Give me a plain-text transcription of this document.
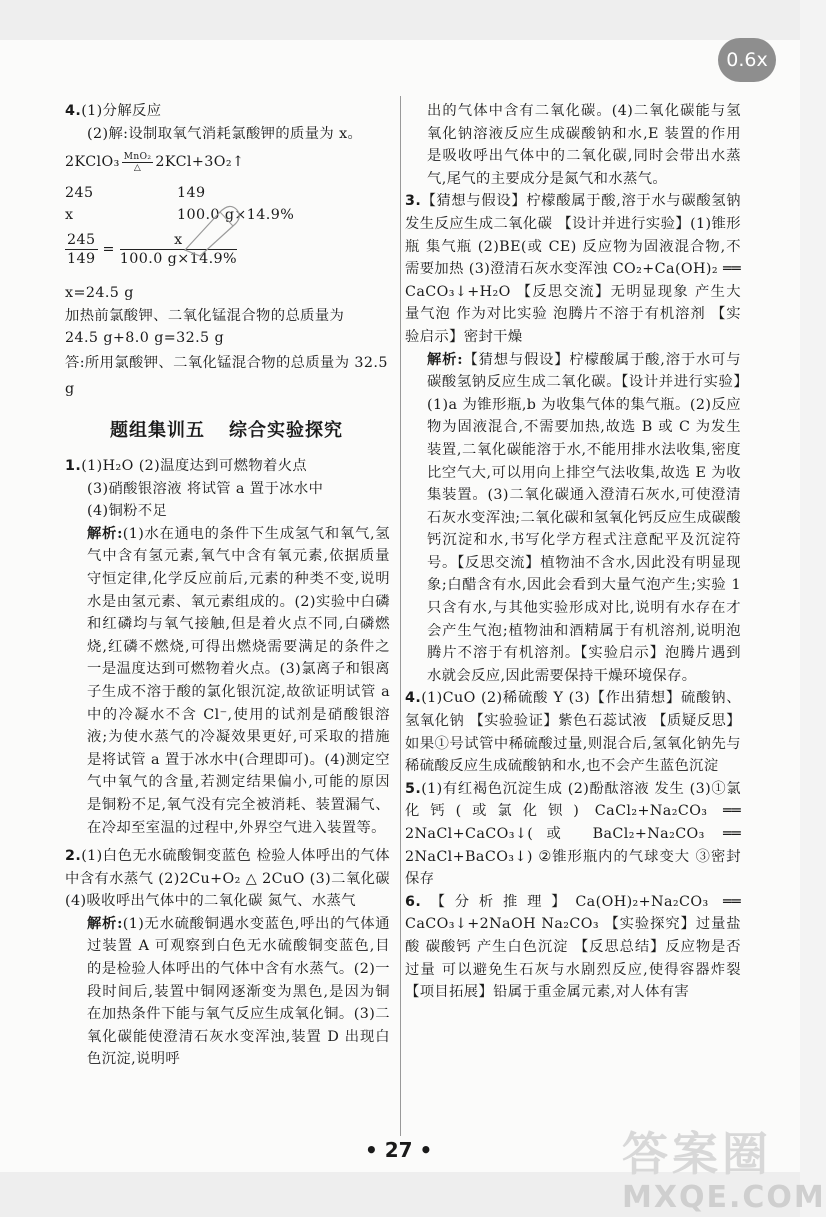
0.6x

4.(1)分解反应

(2)解:设制取氧气消耗氯酸钾的质量为 x。

2KClO₃ $\frac{\text{MnO₂}}{\triangle}$ 2KCl+3O₂↑

245	149

x	100.0 g×14.9%

$\frac{245}{149} = \frac{x}{100.0 g\times 14.9\%}$

x=24.5 g

加热前氯酸钾、二氧化锰混合物的总质量为

24.5 g+8.0 g=32.5 g

答:所用氯酸钾、二氧化锰混合物的总质量为 32.5 g

题组集训五 综合实验探究

1.(1)H₂O (2)温度达到可燃物着火点

(3)硝酸银溶液 将试管 a 置于冰水中

(4)铜粉不足

解析:(1)水在通电的条件下生成氢气和氧气,氢气中含有氢元素,氧气中含有氧元素,依据质量守恒定律,化学反应前后,元素的种类不变,说明水是由氢元素、氧元素组成的。(2)实验中白磷和红磷均与氧气接触,但是着火点不同,白磷燃烧,红磷不燃烧,可得出燃烧需要满足的条件之一是温度达到可燃物着火点。(3)氯离子和银离子生成不溶于酸的氯化银沉淀,故欲证明试管 a 中的冷凝水不含 Cl⁻,使用的试剂是硝酸银溶液;为使水蒸气的冷凝效果更好,可采取的措施是将试管 a 置于冰水中(合理即可)。(4)测定空气中氧气的含量,若测定结果偏小,可能的原因是铜粉不足,氧气没有完全被消耗、装置漏气、在冷却至室温的过程中,外界空气进入装置等。

2.(1)白色无水硫酸铜变蓝色 检验人体呼出的气体中含有水蒸气 (2)2Cu+O₂ △ 2CuO (3)二氧化碳 (4)吸收呼出气体中的二氧化碳 氮气、水蒸气

解析:(1)无水硫酸铜遇水变蓝色,呼出的气体通过装置 A 可观察到白色无水硫酸铜变蓝色,目的是检验人体呼出的气体中含有水蒸气。(2)一段时间后,装置中铜网逐渐变为黑色,是因为铜在加热条件下能与氧气反应生成氧化铜。(3)二氧化碳能使澄清石灰水变浑浊,装置 D 出现白色沉淀,说明呼

出的气体中含有二氧化碳。(4)二氧化碳能与氢氧化钠溶液反应生成碳酸钠和水,E 装置的作用是吸收呼出气体中的二氧化碳,同时会带出水蒸气,尾气的主要成分是氮气和水蒸气。

3.【猜想与假设】柠檬酸属于酸,溶于水与碳酸氢钠发生反应生成二氧化碳 【设计并进行实验】(1)锥形瓶 集气瓶 (2)BE(或 CE) 反应物为固液混合物,不需要加热 (3)澄清石灰水变浑浊 CO₂+Ca(OH)₂ ══ CaCO₃↓+H₂O 【反思交流】无明显现象 产生大量气泡 作为对比实验 泡腾片不溶于有机溶剂 【实验启示】密封干燥

解析:【猜想与假设】柠檬酸属于酸,溶于水可与碳酸氢钠反应生成二氧化碳。【设计并进行实验】(1)a 为锥形瓶,b 为收集气体的集气瓶。(2)反应物为固液混合,不需要加热,故选 B 或 C 为发生装置,二氧化碳能溶于水,不能用排水法收集,密度比空气大,可以用向上排空气法收集,故选 E 为收集装置。(3)二氧化碳通入澄清石灰水,可使澄清石灰水变浑浊;二氧化碳和氢氧化钙反应生成碳酸钙沉淀和水,书写化学方程式注意配平及沉淀符号。【反思交流】植物油不含水,因此没有明显现象;白醋含有水,因此会看到大量气泡产生;实验 1 只含有水,与其他实验形成对比,说明有水存在才会产生气泡;植物油和酒精属于有机溶剂,说明泡腾片不溶于有机溶剂。【实验启示】泡腾片遇到水就会反应,因此需要保持干燥环境保存。

4.(1)CuO (2)稀硫酸 Y (3)【作出猜想】硫酸钠、氢氧化钠 【实验验证】紫色石蕊试液 【质疑反思】如果①号试管中稀硫酸过量,则混合后,氢氧化钠先与稀硫酸反应生成硫酸钠和水,也不会产生蓝色沉淀

5.(1)有红褐色沉淀生成 (2)酚酞溶液 发生 (3)①氯化钙(或氯化钡) CaCl₂+Na₂CO₃ ══ 2NaCl+CaCO₃↓(或 BaCl₂+Na₂CO₃ ══ 2NaCl+BaCO₃↓) ②锥形瓶内的气球变大 ③密封保存

6.【分析推理】Ca(OH)₂+Na₂CO₃ ══ CaCO₃↓+2NaOH Na₂CO₃ 【实验探究】过量盐酸 碳酸钙 产生白色沉淀 【反思总结】反应物是否过量 可以避免生石灰与水剧烈反应,使得容器炸裂 【项目拓展】铅属于重金属元素,对人体有害

• 27 •	答案圈
MXQE.COM
